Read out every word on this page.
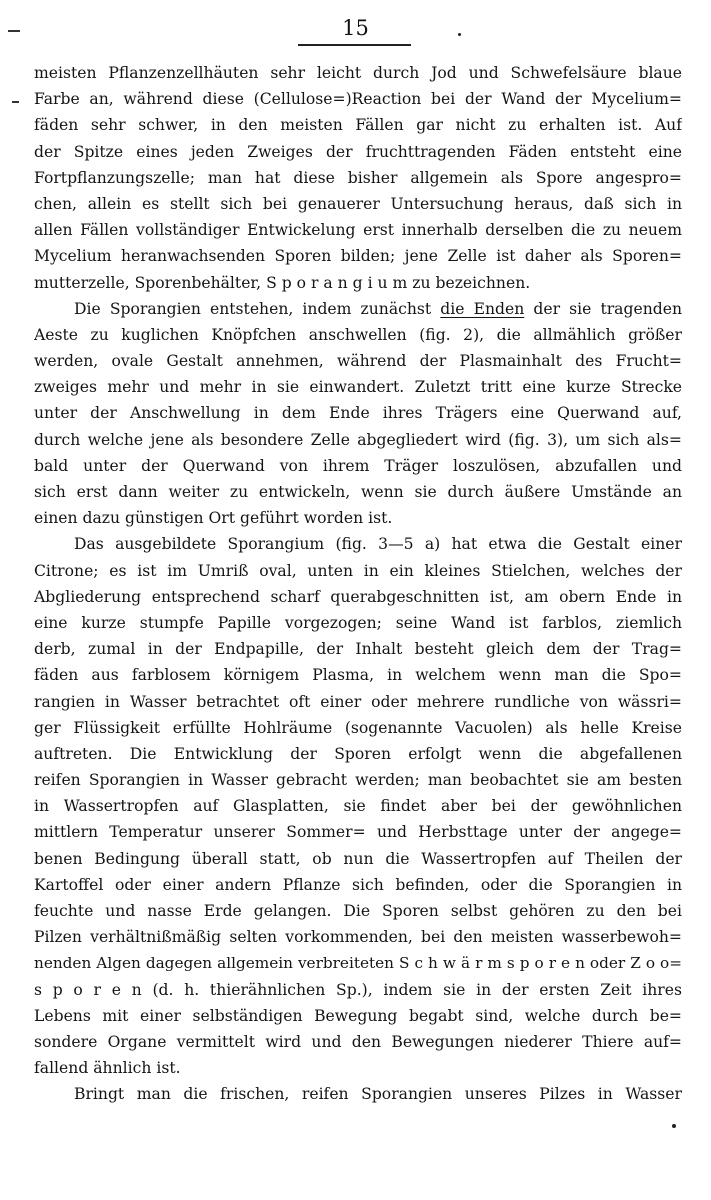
15
meisten Pflanzenzellhäuten sehr leicht durch Jod und Schwefelsäure blaue
Farbe an, während diese (Cellulose=)Reaction bei der Wand der Mycelium=
fäden sehr schwer, in den meisten Fällen gar nicht zu erhalten ist. Auf
der Spitze eines jeden Zweiges der fruchttragenden Fäden entsteht eine
Fortpflanzungszelle; man hat diese bisher allgemein als Spore angespro=
chen, allein es stellt sich bei genauerer Untersuchung heraus, daß sich in
allen Fällen vollständiger Entwickelung erst innerhalb derselben die zu neuem
Mycelium heranwachsenden Sporen bilden; jene Zelle ist daher als Sporen=
mutterzelle, Sporenbehälter, S p o r a n g i u m zu bezeichnen.
Die Sporangien entstehen, indem zunächst die Enden der sie tragenden
Aeste zu kuglichen Knöpfchen anschwellen (fig. 2), die allmählich größer
werden, ovale Gestalt annehmen, während der Plasmainhalt des Frucht=
zweiges mehr und mehr in sie einwandert. Zuletzt tritt eine kurze Strecke
unter der Anschwellung in dem Ende ihres Trägers eine Querwand auf,
durch welche jene als besondere Zelle abgegliedert wird (fig. 3), um sich als=
bald unter der Querwand von ihrem Träger loszulösen, abzufallen und
sich erst dann weiter zu entwickeln, wenn sie durch äußere Umstände an
einen dazu günstigen Ort geführt worden ist.
Das ausgebildete Sporangium (fig. 3—5 a) hat etwa die Gestalt einer
Citrone; es ist im Umriß oval, unten in ein kleines Stielchen, welches der
Abgliederung entsprechend scharf querabgeschnitten ist, am obern Ende in
eine kurze stumpfe Papille vorgezogen; seine Wand ist farblos, ziemlich
derb, zumal in der Endpapille, der Inhalt besteht gleich dem der Trag=
fäden aus farblosem körnigem Plasma, in welchem wenn man die Spo=
rangien in Wasser betrachtet oft einer oder mehrere rundliche von wässri=
ger Flüssigkeit erfüllte Hohlräume (sogenannte Vacuolen) als helle Kreise
auftreten. Die Entwicklung der Sporen erfolgt wenn die abgefallenen
reifen Sporangien in Wasser gebracht werden; man beobachtet sie am besten
in Wassertropfen auf Glasplatten, sie findet aber bei der gewöhnlichen
mittlern Temperatur unserer Sommer= und Herbsttage unter der angege=
benen Bedingung überall statt, ob nun die Wassertropfen auf Theilen der
Kartoffel oder einer andern Pflanze sich befinden, oder die Sporangien in
feuchte und nasse Erde gelangen. Die Sporen selbst gehören zu den bei
Pilzen verhältnißmäßig selten vorkommenden, bei den meisten wasserbewoh=
nenden Algen dagegen allgemein verbreiteten S c h w ä r m s p o r e n oder Z o o=
s p o r e n (d. h. thierähnlichen Sp.), indem sie in der ersten Zeit ihres
Lebens mit einer selbständigen Bewegung begabt sind, welche durch be=
sondere Organe vermittelt wird und den Bewegungen niederer Thiere auf=
fallend ähnlich ist.
Bringt man die frischen, reifen Sporangien unseres Pilzes in Wasser
